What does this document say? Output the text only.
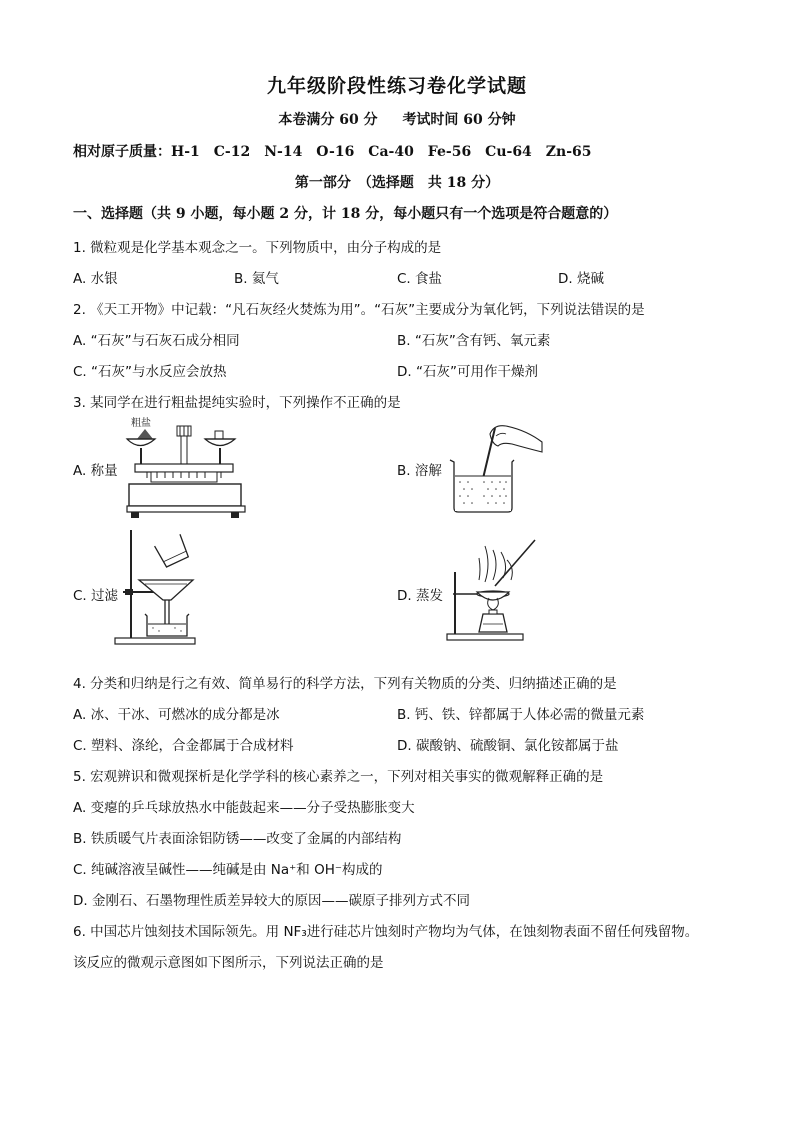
九年级阶段性练习卷化学试题
本卷满分 60 分 考试时间 60 分钟
相对原子质量：H-1　C-12　N-14　O-16　Ca-40　Fe-56　Cu-64　Zn-65
第一部分　（选择题　共 18 分）
一、选择题（共 9 小题，每小题 2 分，计 18 分，每小题只有一个选项是符合题意的）
1. 微粒观是化学基本观念之一。下列物质中，由分子构成的是
A. 水银	B. 氦气	C. 食盐	D. 烧碱
2. 《天工开物》中记载：“凡石灰经火焚炼为用”。“石灰”主要成分为氧化钙，下列说法错误的是
A. “石灰”与石灰石成分相同	B. “石灰”含有钙、氧元素
C. “石灰”与水反应会放热	D. “石灰”可用作干燥剂
3. 某同学在进行粗盐提纯实验时，下列操作不正确的是
A. 称量	B. 溶解
C. 过滤	D. 蒸发
粗盐
4. 分类和归纳是行之有效、简单易行的科学方法，下列有关物质的分类、归纳描述正确的是
A. 冰、干冰、可燃冰的成分都是冰	B. 钙、铁、锌都属于人体必需的微量元素
C. 塑料、涤纶，合金都属于合成材料	D. 碳酸钠、硫酸铜、氯化铵都属于盐
5. 宏观辨识和微观探析是化学学科的核心素养之一，下列对相关事实的微观解释正确的是
A. 变瘪的乒乓球放热水中能鼓起来——分子受热膨胀变大
B. 铁质暖气片表面涂铝防锈——改变了金属的内部结构
C. 纯碱溶液呈碱性——纯碱是由 Na⁺和 OH⁻构成的
D. 金刚石、石墨物理性质差异较大的原因——碳原子排列方式不同
6. 中国芯片蚀刻技术国际领先。用 NF₃进行硅芯片蚀刻时产物均为气体，在蚀刻物表面不留任何残留物。
该反应的微观示意图如下图所示，下列说法正确的是
